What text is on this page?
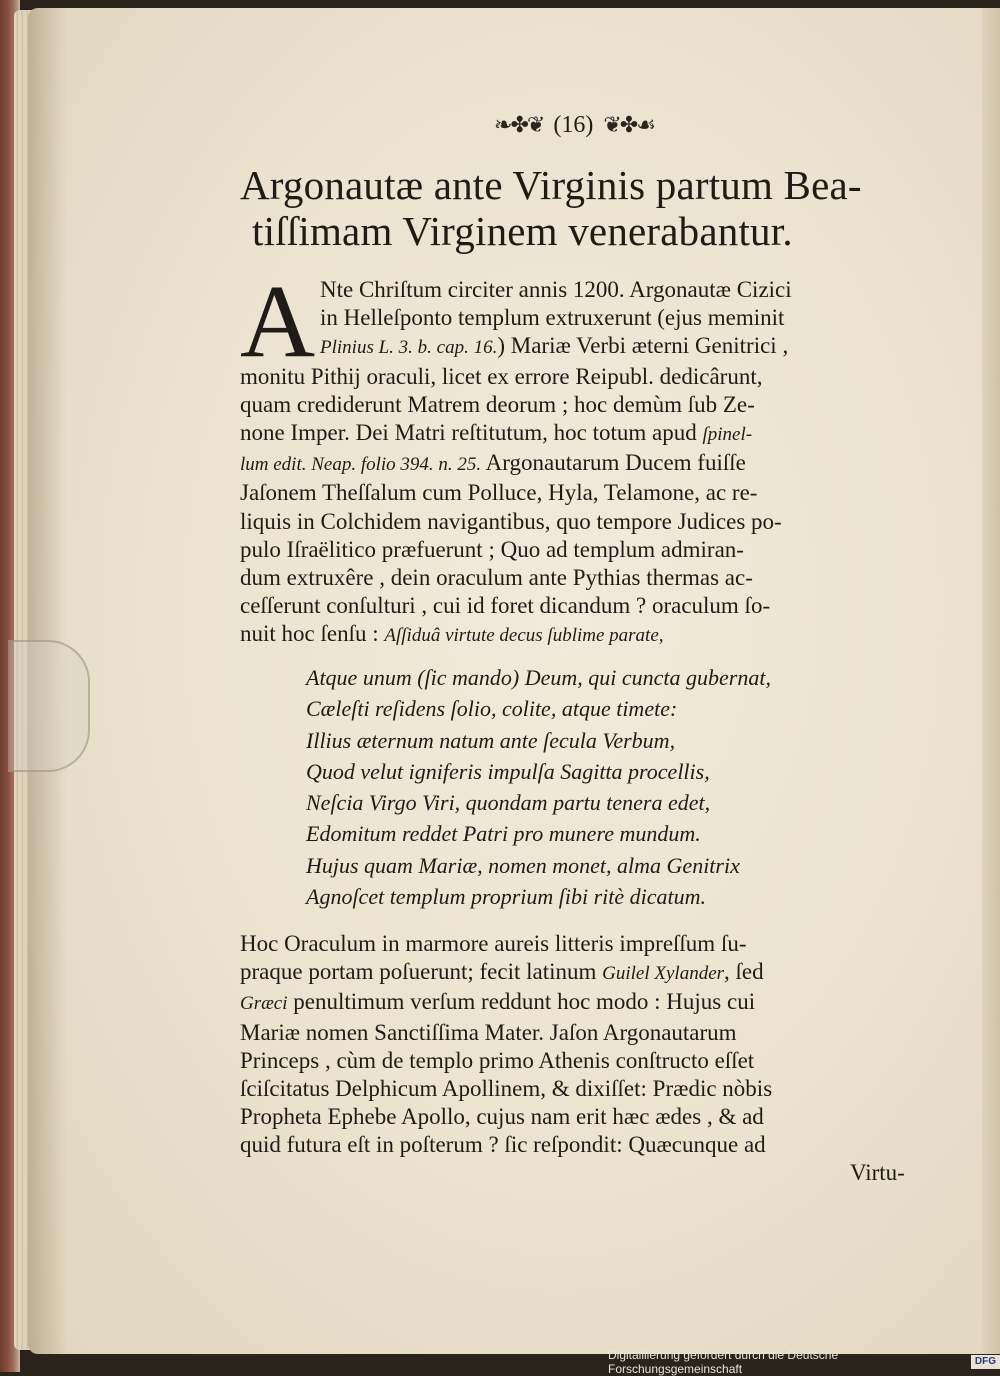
❧✤❦ (16) ❦✤☙
Argonautæ ante Virginis partum Bea-
tiſſimam Virginem venerabantur.
A Nte Chriſtum circiter annis 1200. Argonautæ Cizici
in Helleſponto templum extruxerunt (ejus meminit
Plinius L. 3. b. cap. 16.) Mariæ Verbi æterni Genitrici ,
monitu Pithij oraculi, licet ex errore Reipubl. dedicârunt,
quam crediderunt Matrem deorum ; hoc demùm ſub Ze-
none Imper. Dei Matri reſtitutum, hoc totum apud ſpinel-
lum edit. Neap. folio 394. n. 25. Argonautarum Ducem fuiſſe
Jaſonem Theſſalum cum Polluce, Hyla, Telamone, ac re-
liquis in Colchidem navigantibus, quo tempore Judices po-
pulo Iſraëlitico præfuerunt ; Quo ad templum admiran-
dum extruxêre , dein oraculum ante Pythias thermas ac-
ceſſerunt conſulturi , cui id foret dicandum ? oraculum ſo-
nuit hoc ſenſu : Aſſiduâ virtute decus ſublime parate,
Atque unum (ſic mando) Deum, qui cuncta gubernat,
Cæleſti reſidens ſolio, colite, atque timete:
Illius æternum natum ante ſecula Verbum,
Quod velut igniferis impulſa Sagitta procellis,
Neſcia Virgo Viri, quondam partu tenera edet,
Edomitum reddet Patri pro munere mundum.
Hujus quam Mariæ, nomen monet, alma Genitrix
Agnoſcet templum proprium ſibi ritè dicatum.
Hoc Oraculum in marmore aureis litteris impreſſum ſu-
praque portam poſuerunt; fecit latinum Guilel Xylander, ſed
Græci penultimum verſum reddunt hoc modo : Hujus cui
Mariæ nomen Sanctiſſima Mater. Jaſon Argonautarum
Princeps , cùm de templo primo Athenis conſtructo eſſet
ſciſcitatus Delphicum Apollinem, & dixiſſet: Prædic nòbis
Propheta Ephebe Apollo, cujus nam erit hæc ædes , & ad
quid futura eſt in poſterum ? ſic reſpondit: Quæcunque ad
Virtu-
Digitaliſierung gefördert durch die Deutsche Forschungsgemeinschaft
DFG
